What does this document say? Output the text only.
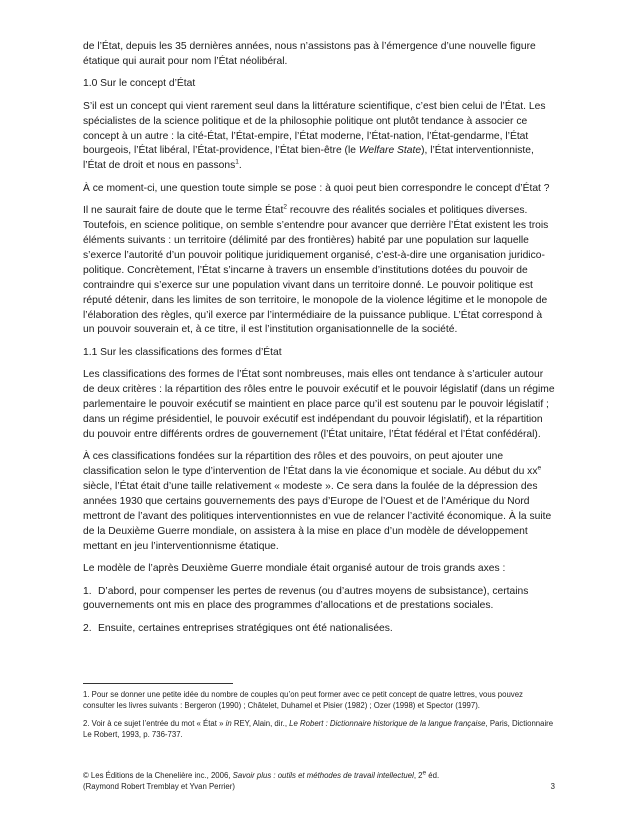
de l’État, depuis les 35 dernières années, nous n’assistons pas à l’émergence d’une nouvelle figure étatique qui aurait pour nom l’État néolibéral.

1.0 Sur le concept d’État

S’il est un concept qui vient rarement seul dans la littérature scientifique, c’est bien celui de l’État. Les spécialistes de la science politique et de la philosophie politique ont plutôt tendance à associer ce concept à un autre : la cité-État, l’État-empire, l’État moderne, l’État-nation, l’État-gendarme, l’État bourgeois, l’État libéral, l’État-providence, l’État bien-être (le Welfare State), l’État interventionniste, l’État de droit et nous en passons$^1$.

À ce moment-ci, une question toute simple se pose : à quoi peut bien correspondre le concept d’État ?

Il ne saurait faire de doute que le terme État$^2$ recouvre des réalités sociales et politiques diverses. Toutefois, en science politique, on semble s’entendre pour avancer que derrière l’État existent les trois éléments suivants : un territoire (délimité par des frontières) habité par une population sur laquelle s’exerce l’autorité d’un pouvoir politique juridiquement organisé, c’est-à-dire une organisation juridico-politique. Concrètement, l’État s’incarne à travers un ensemble d’institutions dotées du pouvoir de contraindre qui s’exerce sur une population vivant dans un territoire donné. Le pouvoir politique est réputé détenir, dans les limites de son territoire, le monopole de la violence légitime et le monopole de l’élaboration des règles, qu’il exerce par l’intermédiaire de la puissance publique. L’État correspond à un pouvoir souverain et, à ce titre, il est l’institution organisationnelle de la société.

1.1 Sur les classifications des formes d’État

Les classifications des formes de l’État sont nombreuses, mais elles ont tendance à s’articuler autour de deux critères : la répartition des rôles entre le pouvoir exécutif et le pouvoir législatif (dans un régime parlementaire le pouvoir exécutif se maintient en place parce qu’il est soutenu par le pouvoir législatif ; dans un régime présidentiel, le pouvoir exécutif est indépendant du pouvoir législatif), et la répartition du pouvoir entre différents ordres de gouvernement (l’État unitaire, l’État fédéral et l’État confédéral).

À ces classifications fondées sur la répartition des rôles et des pouvoirs, on peut ajouter une classification selon le type d’intervention de l’État dans la vie économique et sociale. Au début du $xx^e$ siècle, l’État était d’une taille relativement « modeste ». Ce sera dans la foulée de la dépression des années 1930 que certains gouvernements des pays d’Europe de l’Ouest et de l’Amérique du Nord mettront de l’avant des politiques interventionnistes en vue de relancer l’activité économique. À la suite de la Deuxième Guerre mondiale, on assistera à la mise en place d’un modèle de développement mettant en jeu l’interventionnisme étatique.

Le modèle de l’après Deuxième Guerre mondiale était organisé autour de trois grands axes :

1. D’abord, pour compenser les pertes de revenus (ou d’autres moyens de subsistance), certains gouvernements ont mis en place des programmes d’allocations et de prestations sociales.
2. Ensuite, certaines entreprises stratégiques ont été nationalisées.

1. Pour se donner une petite idée du nombre de couples qu’on peut former avec ce petit concept de quatre lettres, vous pouvez consulter les livres suivants : Bergeron (1990) ; Châtelet, Duhamel et Pisier (1982) ; Ozer (1998) et Spector (1997).

2. Voir à ce sujet l’entrée du mot « État » in REY, Alain, dir., Le Robert : Dictionnaire historique de la langue française, Paris, Dictionnaire Le Robert, 1993, p. 736-737.

© Les Éditions de la Chenelière inc., 2006, Savoir plus : outils et méthodes de travail intellectuel, 2e éd.
(Raymond Robert Tremblay et Yvan Perrier)	3
